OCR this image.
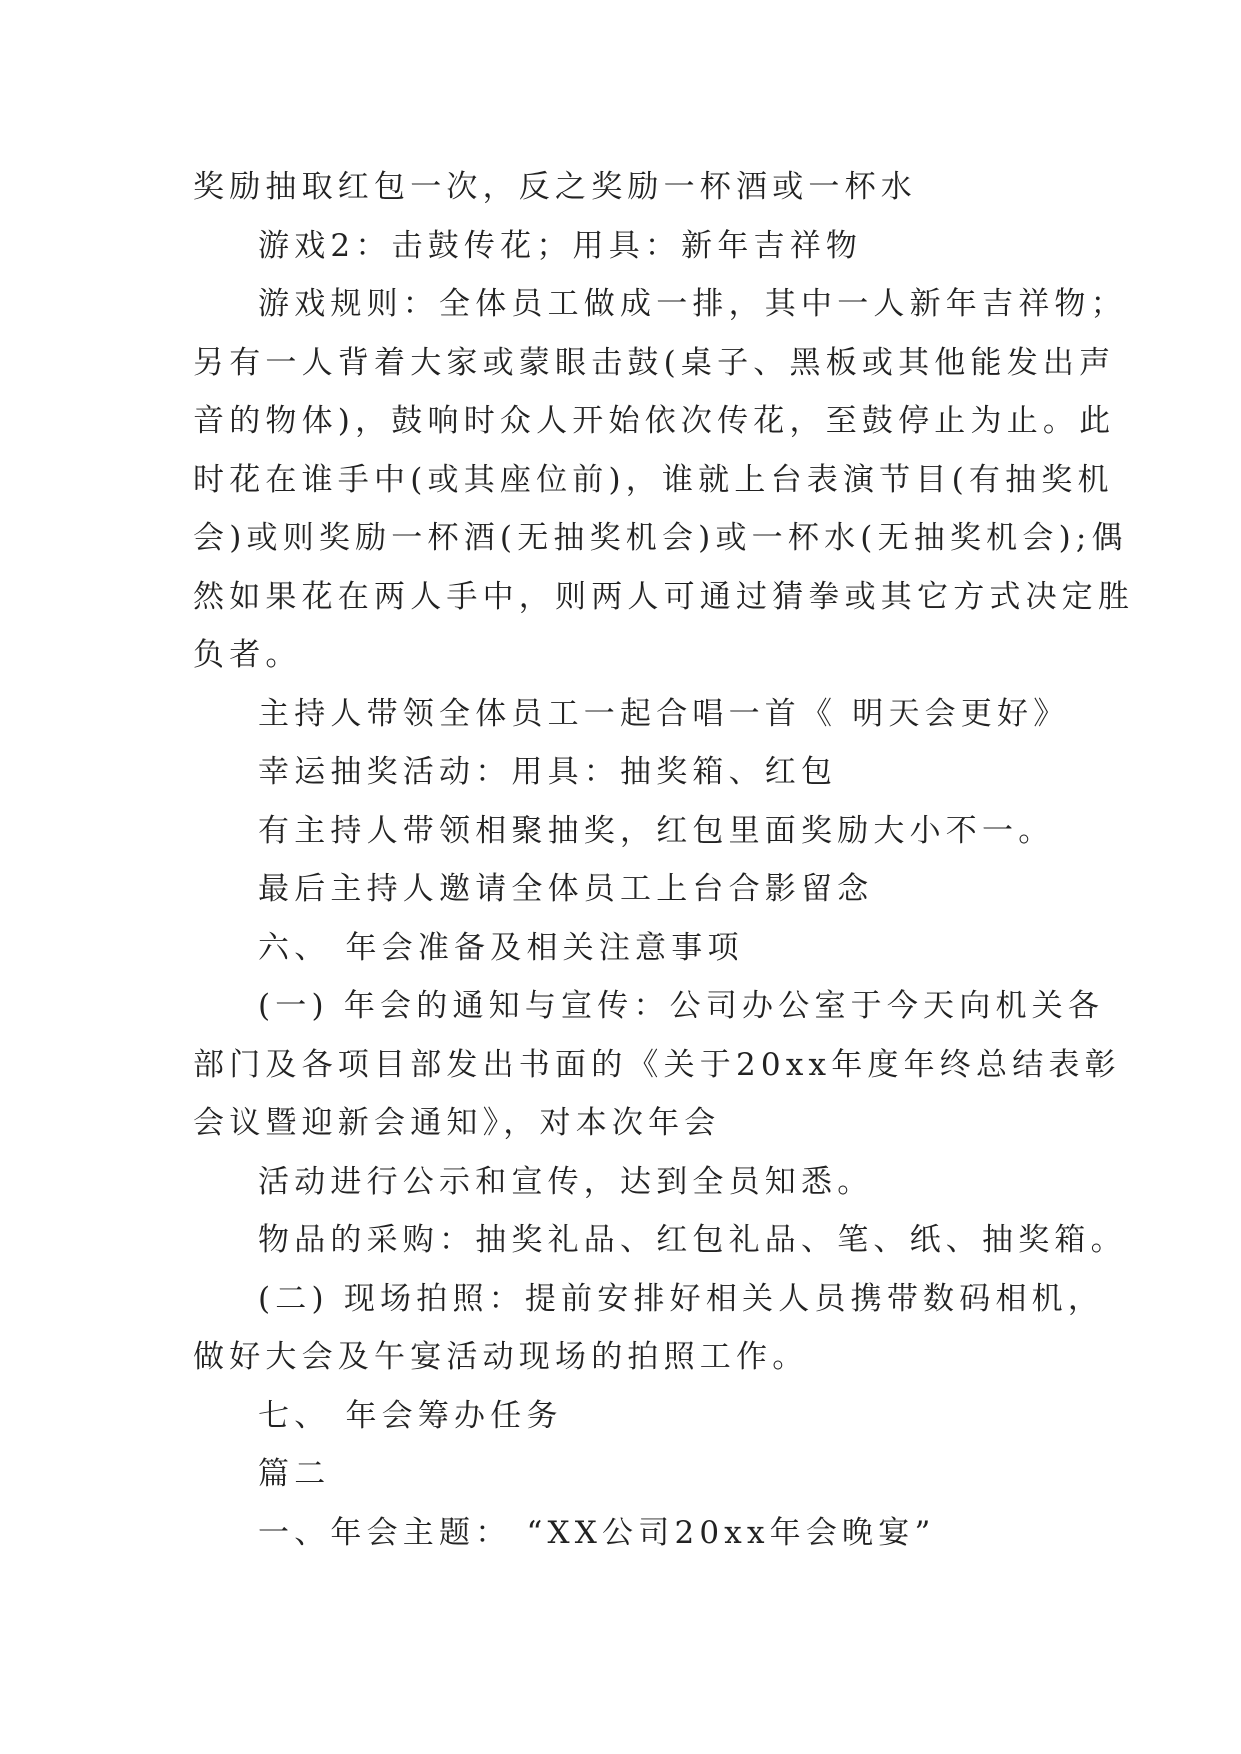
奖励抽取红包一次，反之奖励一杯酒或一杯水
游戏2：击鼓传花；用具：新年吉祥物
游戏规则：全体员工做成一排，其中一人新年吉祥物；
另有一人背着大家或蒙眼击鼓(桌子、黑板或其他能发出声
音的物体)，鼓响时众人开始依次传花，至鼓停止为止。此
时花在谁手中(或其座位前)，谁就上台表演节目(有抽奖机
会)或则奖励一杯酒(无抽奖机会)或一杯水(无抽奖机会);偶
然如果花在两人手中，则两人可通过猜拳或其它方式决定胜
负者。
主持人带领全体员工一起合唱一首《 明天会更好》
幸运抽奖活动：用具：抽奖箱、红包
有主持人带领相聚抽奖，红包里面奖励大小不一。
最后主持人邀请全体员工上台合影留念
六、 年会准备及相关注意事项
(一) 年会的通知与宣传：公司办公室于今天向机关各
部门及各项目部发出书面的《关于20xx年度年终总结表彰
会议暨迎新会通知》，对本次年会
活动进行公示和宣传，达到全员知悉。
物品的采购：抽奖礼品、红包礼品、笔、纸、抽奖箱。
(二) 现场拍照：提前安排好相关人员携带数码相机，
做好大会及午宴活动现场的拍照工作。
七、 年会筹办任务
篇二
一、年会主题： “XX公司20xx年会晚宴”
